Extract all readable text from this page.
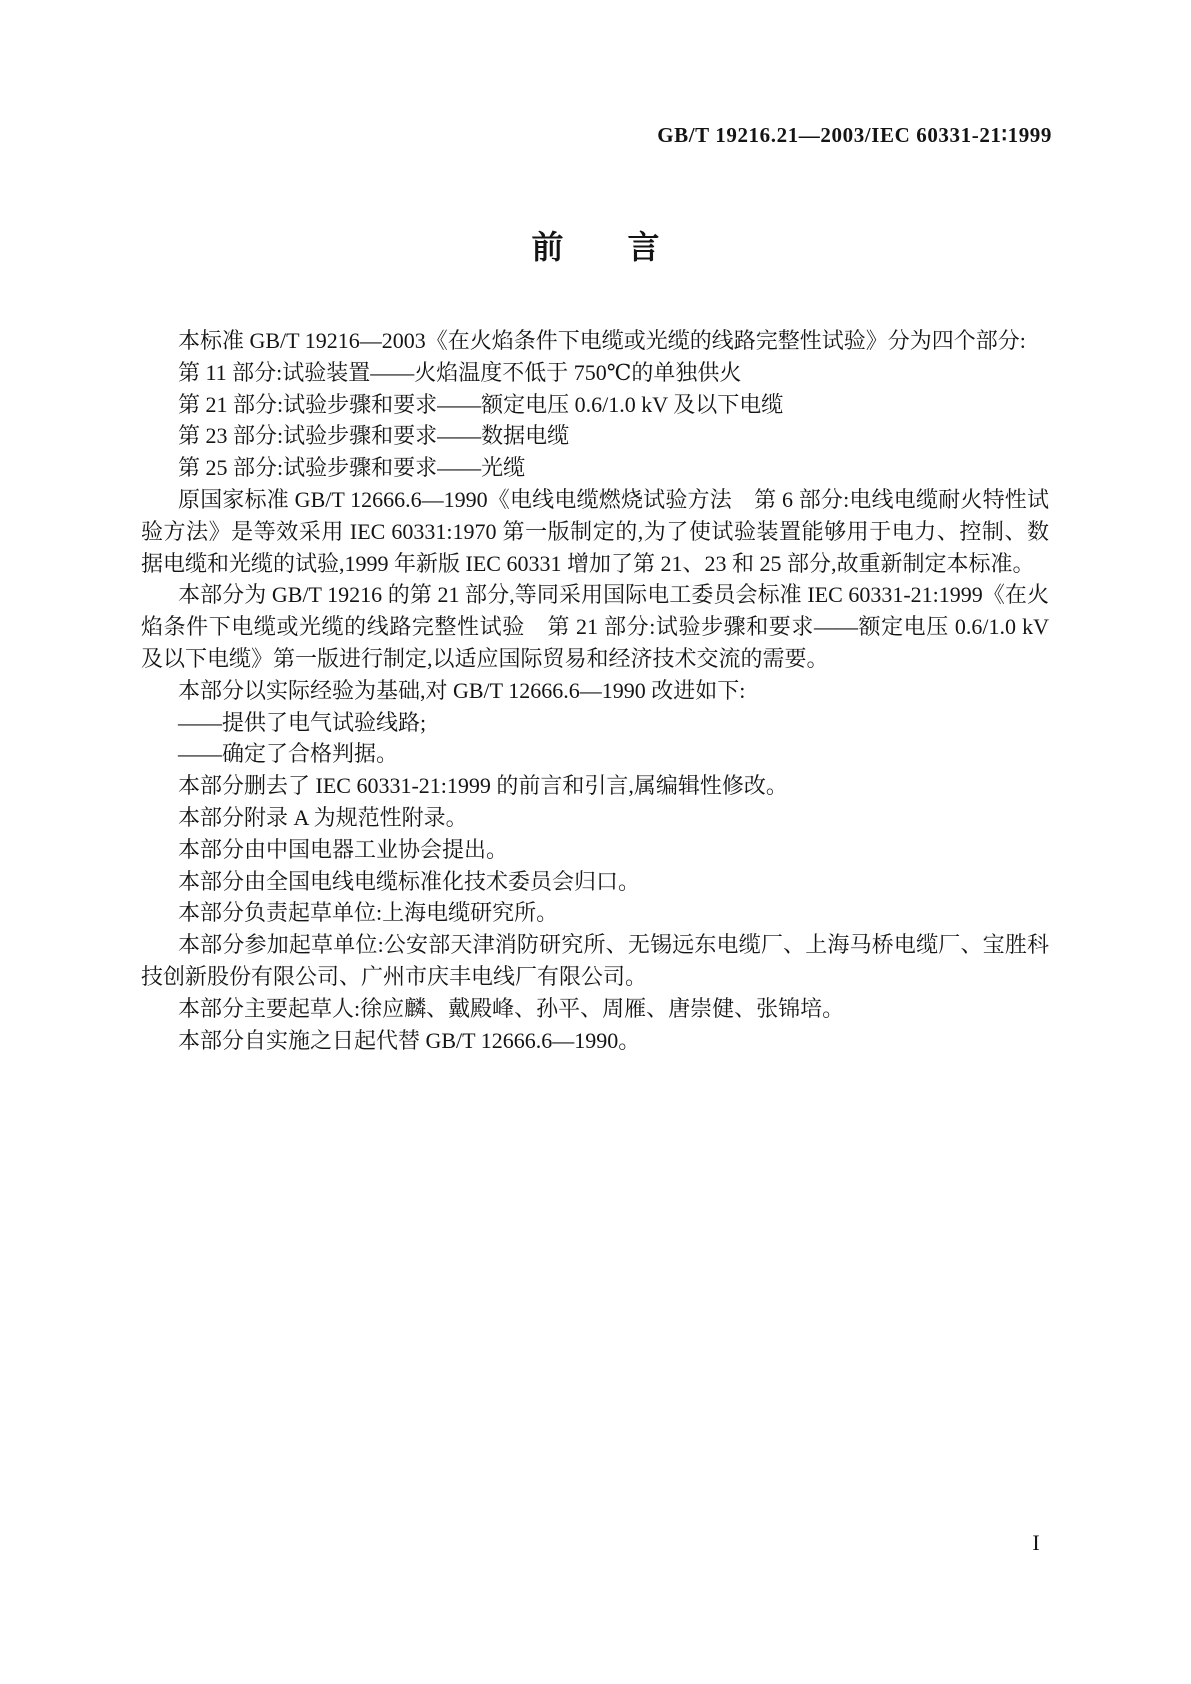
GB/T 19216.21—2003/IEC 60331-21∶1999
前　　言

本标准 GB/T 19216—2003《在火焰条件下电缆或光缆的线路完整性试验》分为四个部分:

第 11 部分:试验装置——火焰温度不低于 750℃的单独供火

第 21 部分:试验步骤和要求——额定电压 0.6/1.0 kV 及以下电缆

第 23 部分:试验步骤和要求——数据电缆

第 25 部分:试验步骤和要求——光缆

原国家标准 GB/T 12666.6—1990《电线电缆燃烧试验方法　第 6 部分:电线电缆耐火特性试验方法》是等效采用 IEC 60331:1970 第一版制定的,为了使试验装置能够用于电力、控制、数据电缆和光缆的试验,1999 年新版 IEC 60331 增加了第 21、23 和 25 部分,故重新制定本标准。

本部分为 GB/T 19216 的第 21 部分,等同采用国际电工委员会标准 IEC 60331-21:1999《在火焰条件下电缆或光缆的线路完整性试验　第 21 部分:试验步骤和要求——额定电压 0.6/1.0 kV 及以下电缆》第一版进行制定,以适应国际贸易和经济技术交流的需要。

本部分以实际经验为基础,对 GB/T 12666.6—1990 改进如下:

——提供了电气试验线路;

——确定了合格判据。

本部分删去了 IEC 60331-21:1999 的前言和引言,属编辑性修改。

本部分附录 A 为规范性附录。

本部分由中国电器工业协会提出。

本部分由全国电线电缆标准化技术委员会归口。

本部分负责起草单位:上海电缆研究所。

本部分参加起草单位:公安部天津消防研究所、无锡远东电缆厂、上海马桥电缆厂、宝胜科技创新股份有限公司、广州市庆丰电线厂有限公司。

本部分主要起草人:徐应麟、戴殿峰、孙平、周雁、唐崇健、张锦培。

本部分自实施之日起代替 GB/T 12666.6—1990。

I
